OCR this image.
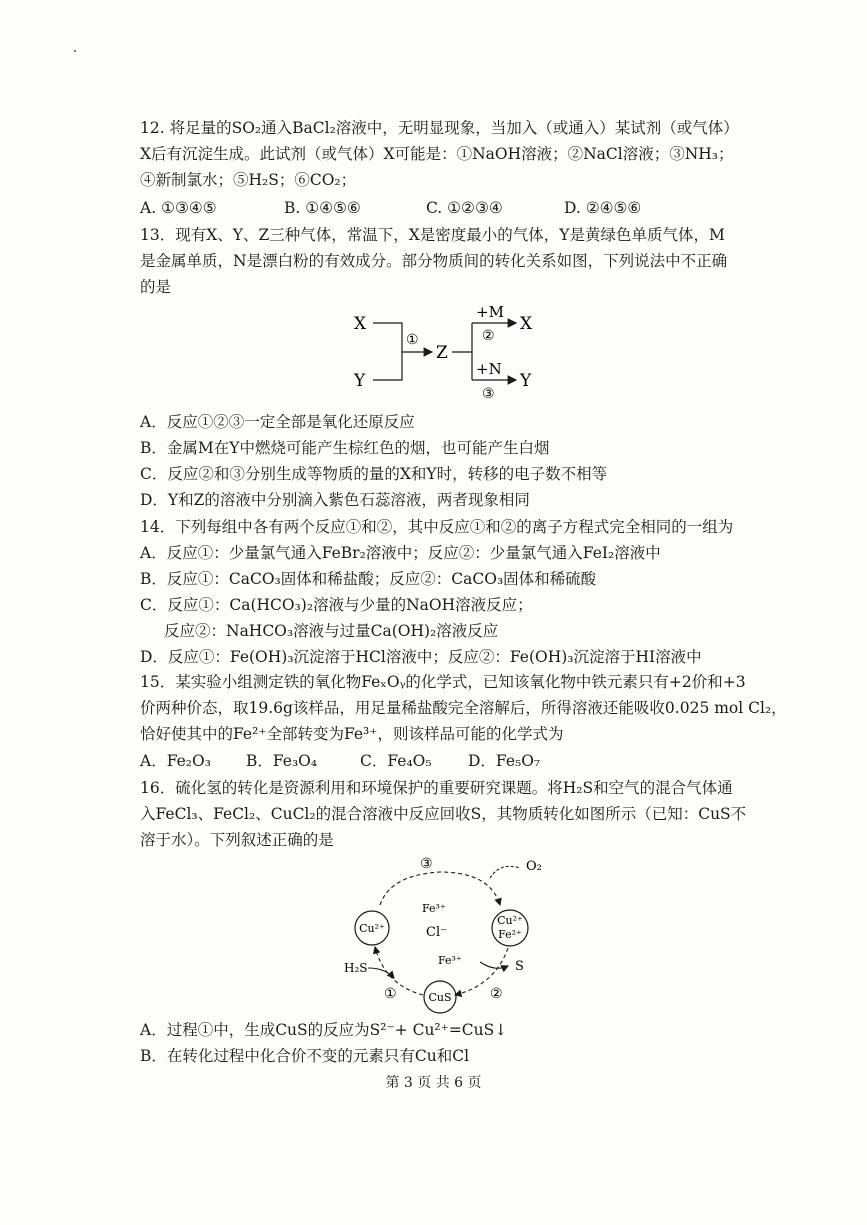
12. 将足量的SO₂通入BaCl₂溶液中，无明显现象，当加入（或通入）某试剂（或气体）
X后有沉淀生成。此试剂（或气体）X可能是：①NaOH溶液；②NaCl溶液；③NH₃；
④新制氯水；⑤H₂S；⑥CO₂；
A. ①③④⑤	B. ①④⑤⑥	C. ①②③④	D. ②④⑤⑥
13．现有X、Y、Z三种气体，常温下，X是密度最小的气体，Y是黄绿色单质气体，M
是金属单质，N是漂白粉的有效成分。部分物质间的转化关系如图，下列说法中不正确
的是
X
Y
①
Z
+M
②
+N
③
X
Y
A．反应①②③一定全部是氧化还原反应
B．金属M在Y中燃烧可能产生棕红色的烟，也可能产生白烟
C．反应②和③分别生成等物质的量的X和Y时，转移的电子数不相等
D．Y和Z的溶液中分别滴入紫色石蕊溶液，两者现象相同
14．下列每组中各有两个反应①和②，其中反应①和②的离子方程式完全相同的一组为
A．反应①：少量氯气通入FeBr₂溶液中；反应②：少量氯气通入FeI₂溶液中
B．反应①：CaCO₃固体和稀盐酸；反应②：CaCO₃固体和稀硫酸
C．反应①：Ca(HCO₃)₂溶液与少量的NaOH溶液反应；
反应②：NaHCO₃溶液与过量Ca(OH)₂溶液反应
D．反应①：Fe(OH)₃沉淀溶于HCl溶液中；反应②：Fe(OH)₃沉淀溶于HI溶液中
15．某实验小组测定铁的氧化物FeₓOᵧ的化学式，已知该氧化物中铁元素只有+2价和+3
价两种价态，取19.6g该样品，用足量稀盐酸完全溶解后，所得溶液还能吸收0.025 mol Cl₂，
恰好使其中的Fe²⁺全部转变为Fe³⁺，则该样品可能的化学式为
A．Fe₂O₃ B．Fe₃O₄	C．Fe₄O₅ D．Fe₅O₇
16．硫化氢的转化是资源利用和环境保护的重要研究课题。将H₂S和空气的混合气体通
入FeCl₃、FeCl₂、CuCl₂的混合溶液中反应回收S，其物质转化如图所示（已知：CuS不
溶于水）。下列叙述正确的是
O₂
③
Cu²⁺
Cu²⁺
Fe²⁺
CuS
Fe³⁺
Cl⁻
Fe³⁺
H₂S
①
S
②
A．过程①中，生成CuS的反应为S²⁻+ Cu²⁺=CuS↓
B．在转化过程中化合价不变的元素只有Cu和Cl
第 3 页 共 6 页
